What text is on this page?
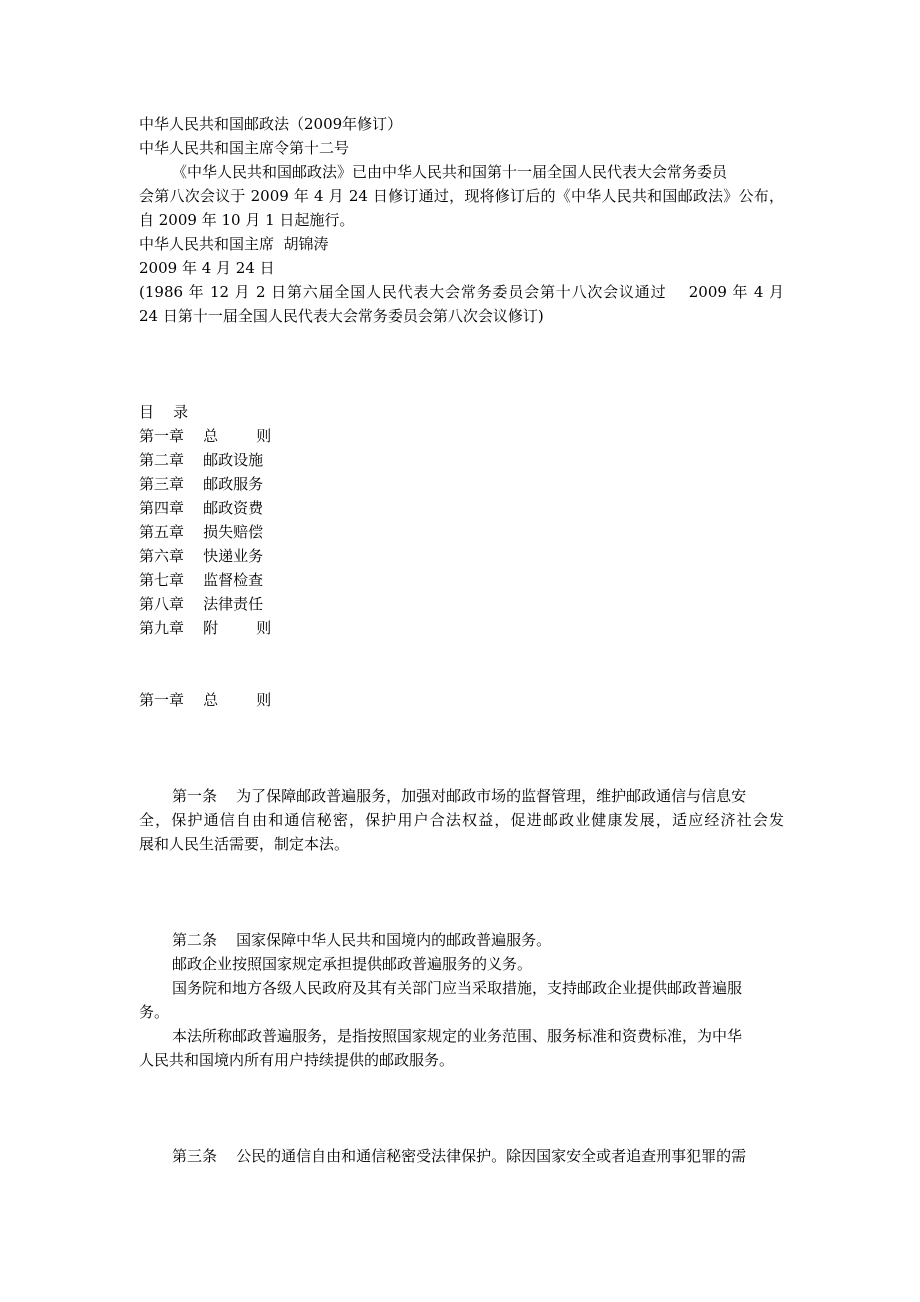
中华人民共和国邮政法（2009年修订）
中华人民共和国主席令第十二号
《中华人民共和国邮政法》已由中华人民共和国第十一届全国人民代表大会常务委员
会第八次会议于 2009 年 4 月 24 日修订通过，现将修订后的《中华人民共和国邮政法》公布，
自 2009 年 10 月 1 日起施行。
中华人民共和国主席  胡锦涛
2009 年 4 月 24 日
(1986 年 12 月 2 日第六届全国人民代表大会常务委员会第十八次会议通过    2009 年 4 月
24 日第十一届全国人民代表大会常务委员会第八次会议修订)
目    录
第一章    总        则
第二章    邮政设施
第三章    邮政服务
第四章    邮政资费
第五章    损失赔偿
第六章    快递业务
第七章    监督检查
第八章    法律责任
第九章    附        则
第一章    总        则
第一条    为了保障邮政普遍服务，加强对邮政市场的监督管理，维护邮政通信与信息安
全，保护通信自由和通信秘密，保护用户合法权益，促进邮政业健康发展，适应经济社会发
展和人民生活需要，制定本法。
第二条    国家保障中华人民共和国境内的邮政普遍服务。
邮政企业按照国家规定承担提供邮政普遍服务的义务。
国务院和地方各级人民政府及其有关部门应当采取措施，支持邮政企业提供邮政普遍服
务。
本法所称邮政普遍服务，是指按照国家规定的业务范围、服务标准和资费标准，为中华
人民共和国境内所有用户持续提供的邮政服务。
第三条    公民的通信自由和通信秘密受法律保护。除因国家安全或者追查刑事犯罪的需
